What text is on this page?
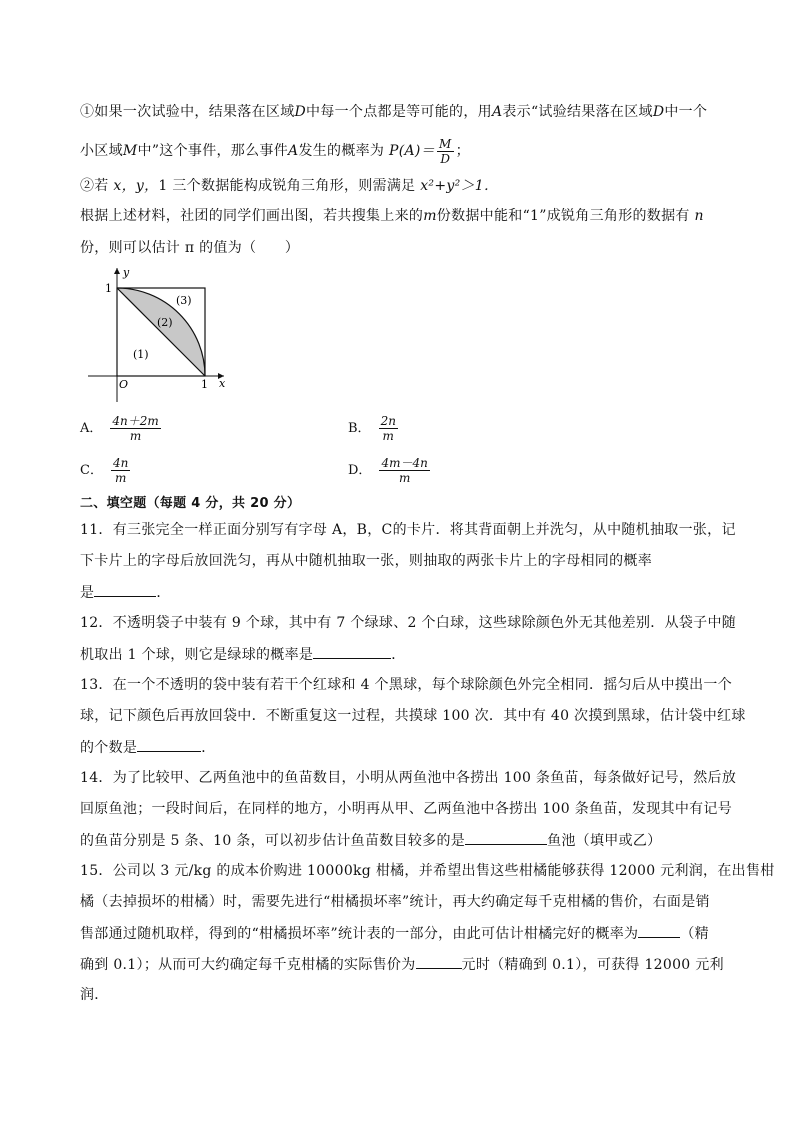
①如果一次试验中，结果落在区域D中每一个点都是等可能的，用A表示“试验结果落在区域D中一个
小区域M中”这个事件，那么事件A发生的概率为 $P(A)= \frac{M}{D}$ ；
②若 x，y，1 三个数据能构成锐角三角形，则需满足 x²+y²＞1．
根据上述材料，社团的同学们画出图，若共搜集上来的m份数据中能和“1”成锐角三角形的数据有 n
份，则可以估计 π 的值为（　　）
y
x
O	1
1
(1)
(2)
(3)
A． $\frac{4n+2m}{m}$	B． $\frac{2n}{m}$
C． $\frac{4n}{m}$	D． $\frac{4m-4n}{m}$
二、填空题（每题 4 分，共 20 分）
11．有三张完全一样正面分别写有字母 A，B，C的卡片．将其背面朝上并洗匀，从中随机抽取一张，记
下卡片上的字母后放回洗匀，再从中随机抽取一张，则抽取的两张卡片上的字母相同的概率
是	．
12．不透明袋子中装有 9 个球，其中有 7 个绿球、2 个白球，这些球除颜色外无其他差别．从袋子中随
机取出 1 个球，则它是绿球的概率是	．
13．在一个不透明的袋中装有若干个红球和 4 个黑球，每个球除颜色外完全相同．摇匀后从中摸出一个
球，记下颜色后再放回袋中．不断重复这一过程，共摸球 100 次．其中有 40 次摸到黑球，估计袋中红球
的个数是	．
14．为了比较甲、乙两鱼池中的鱼苗数目，小明从两鱼池中各捞出 100 条鱼苗，每条做好记号，然后放
回原鱼池；一段时间后，在同样的地方，小明再从甲、乙两鱼池中各捞出 100 条鱼苗，发现其中有记号
的鱼苗分别是 5 条、10 条，可以初步估计鱼苗数目较多的是	鱼池（填甲或乙）
15．公司以 3 元/kg 的成本价购进 10000kg 柑橘，并希望出售这些柑橘能够获得 12000 元利润，在出售柑
橘（去掉损坏的柑橘）时，需要先进行“柑橘损坏率”统计，再大约确定每千克柑橘的售价，右面是销
售部通过随机取样，得到的“柑橘损坏率”统计表的一部分，由此可估计柑橘完好的概率为	（精
确到 0.1）；从而可大约确定每千克柑橘的实际售价为	元时（精确到 0.1），可获得 12000 元利
润．
